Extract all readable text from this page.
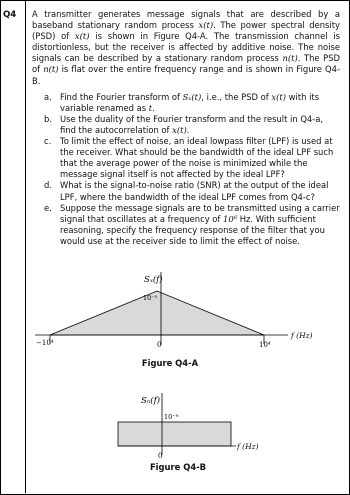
Q4 A transmitter generates message signals that are described by a baseband stationary random process x(t). The power spectral density (PSD) of x(t) is shown in Figure Q4-A. The transmission channel is distortionless, but the receiver is affected by additive noise. The noise signals can be described by a stationary random process n(t). The PSD of n(t) is flat over the entire frequency range and is shown in Figure Q4-B.

a. Find the Fourier transform of Sₓ(t), i.e., the PSD of x(t) with its variable renamed as t.
b. Use the duality of the Fourier transform and the result in Q4-a, find the autocorrelation of x(t).
c.	To limit the effect of noise, an ideal lowpass filter (LPF) is used at the receiver. What should be the bandwidth of the ideal LPF such that the average power of the noise is minimized while the message signal itself is not affected by the ideal LPF?
d. What is the signal-to-noise ratio (SNR) at the output of the ideal LPF, where the bandwidth of the ideal LPF comes from Q4-c?
e. Suppose the message signals are to be transmitted using a carrier signal that oscillates at a frequency of 10⁶ Hz. With sufficient reasoning, specify the frequency response of the filter that you would use at the receiver side to limit the effect of noise.
Sₓ(f)
10⁻⁵
f (Hz)
−10⁴	0	10⁴
Figure Q4-A
Sₙ(f)
10⁻⁹
f (Hz)
0
Figure Q4-B
